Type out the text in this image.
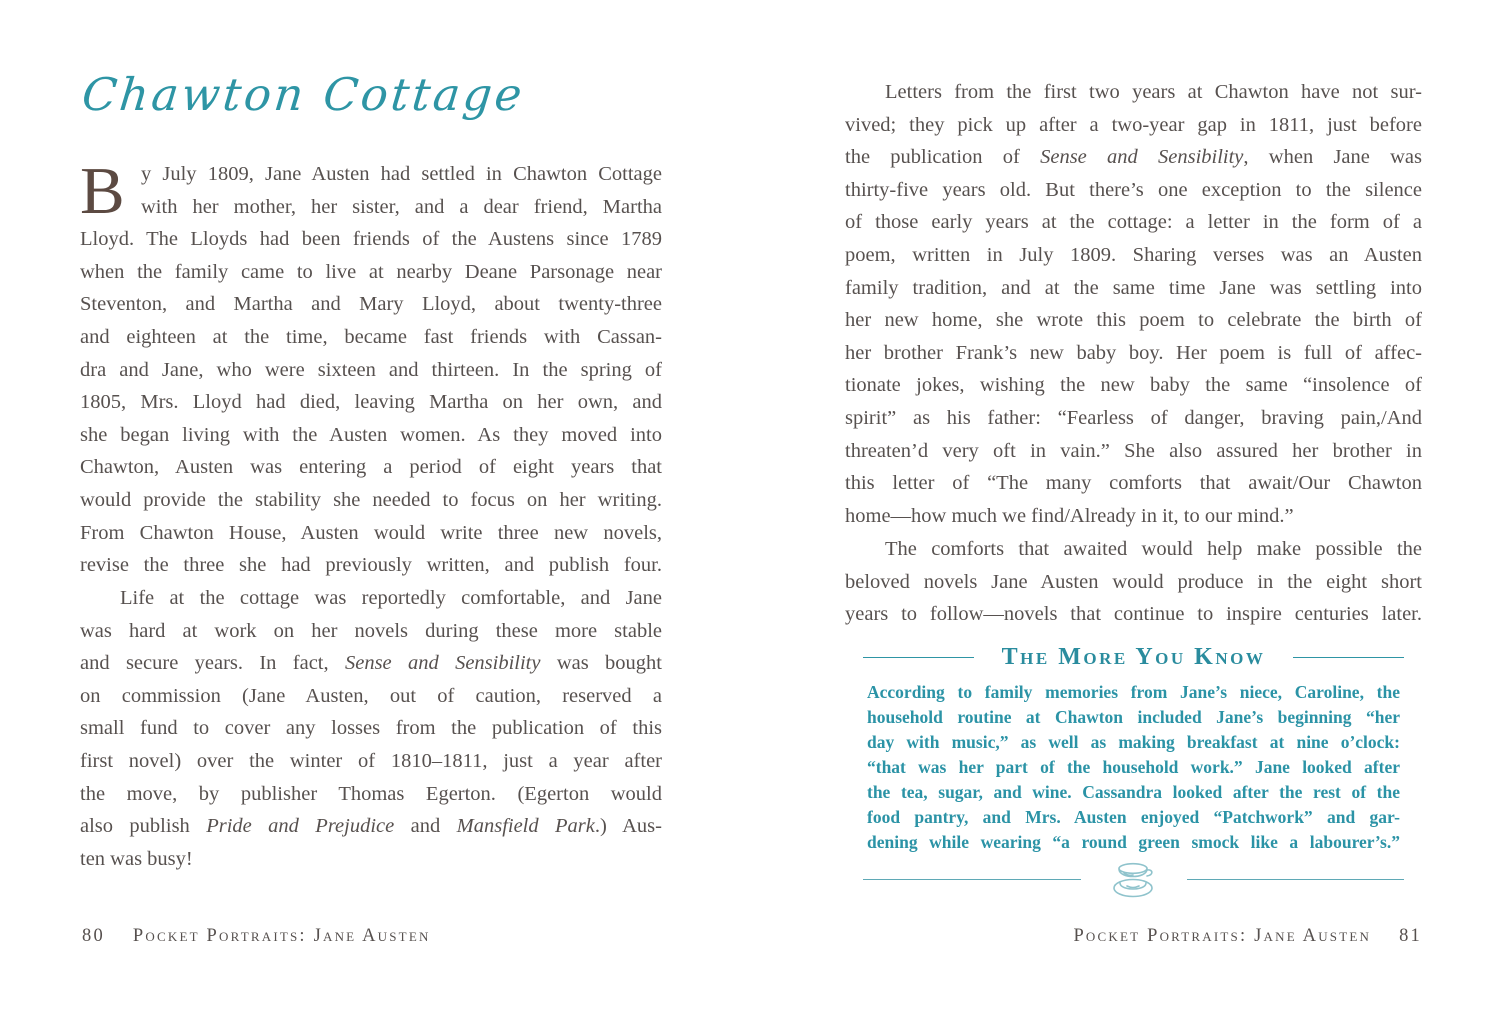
Chawton Cottage
B y July 1809, Jane Austen had settled in Chawton Cottage
with her mother, her sister, and a dear friend, Martha
Lloyd. The Lloyds had been friends of the Austens since 1789
when the family came to live at nearby Deane Parsonage near
Steventon, and Martha and Mary Lloyd, about twenty-three
and eighteen at the time, became fast friends with Cassan-
dra and Jane, who were sixteen and thirteen. In the spring of
1805, Mrs. Lloyd had died, leaving Martha on her own, and
she began living with the Austen women. As they moved into
Chawton, Austen was entering a period of eight years that
would provide the stability she needed to focus on her writing.
From Chawton House, Austen would write three new novels,
revise the three she had previously written, and publish four.
Life at the cottage was reportedly comfortable, and Jane
was hard at work on her novels during these more stable
and secure years. In fact, Sense and Sensibility was bought
on commission (Jane Austen, out of caution, reserved a
small fund to cover any losses from the publication of this
first novel) over the winter of 1810–1811, just a year after
the move, by publisher Thomas Egerton. (Egerton would
also publish Pride and Prejudice and Mansfield Park.) Aus-
ten was busy!
80 Pocket Portraits: Jane Austen
Letters from the first two years at Chawton have not sur-
vived; they pick up after a two-year gap in 1811, just before
the publication of Sense and Sensibility, when Jane was
thirty-five years old. But there’s one exception to the silence
of those early years at the cottage: a letter in the form of a
poem, written in July 1809. Sharing verses was an Austen
family tradition, and at the same time Jane was settling into
her new home, she wrote this poem to celebrate the birth of
her brother Frank’s new baby boy. Her poem is full of affec-
tionate jokes, wishing the new baby the same “insolence of
spirit” as his father: “Fearless of danger, braving pain,/And
threaten’d very oft in vain.” She also assured her brother in
this letter of “The many comforts that await/Our Chawton
home—how much we find/Already in it, to our mind.”
The comforts that awaited would help make possible the
beloved novels Jane Austen would produce in the eight short
years to follow—novels that continue to inspire centuries later.
The More You Know
According to family memories from Jane’s niece, Caroline, the
household routine at Chawton included Jane’s beginning “her
day with music,” as well as making breakfast at nine o’clock:
“that was her part of the household work.” Jane looked after
the tea, sugar, and wine. Cassandra looked after the rest of the
food pantry, and Mrs. Austen enjoyed “Patchwork” and gar-
dening while wearing “a round green smock like a labourer’s.”
Pocket Portraits: Jane Austen 81
